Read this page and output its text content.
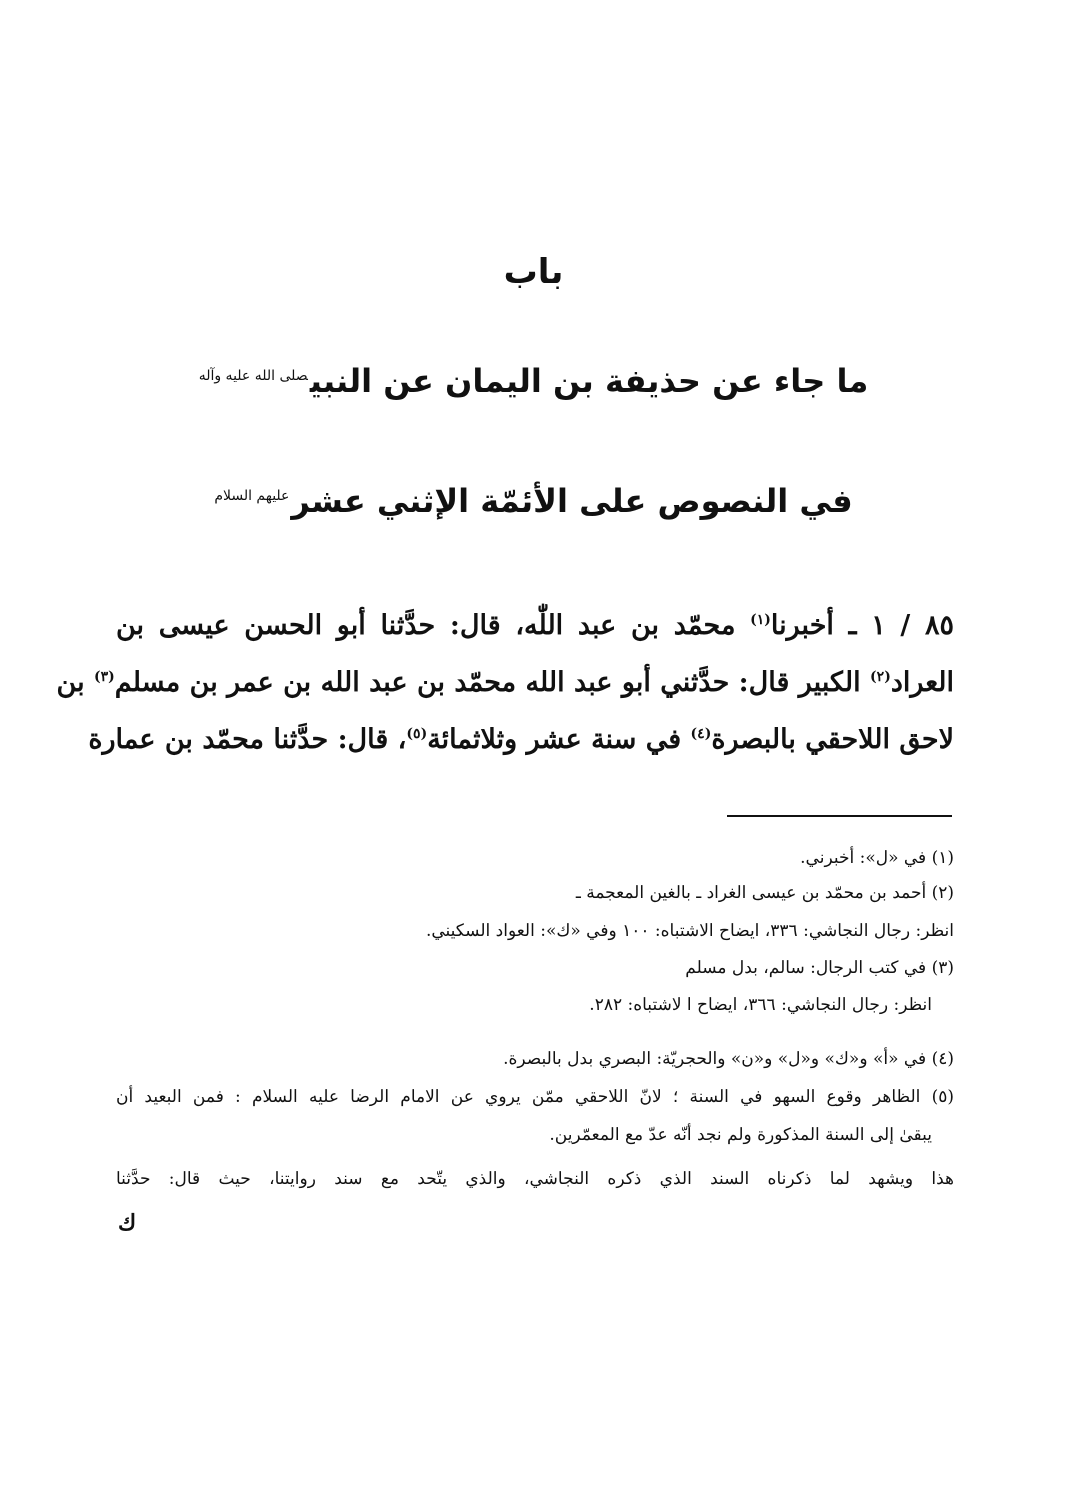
باب
ما جاء عن حذيفة بن اليمان عن النبي$^{صلى الله عليه وآله}$
في النصوص على الأئمّة الإثني عشر$^{عليهم السلام}$
٨٥ / ١ ـ أخبرنا$^{(١)}$ محمّد بن عبد اللّٰه، قال: حدَّثنا أبو الحسن عيسى بن
العراد$^{(٢)}$ الكبير قال: حدَّثني أبو عبد الله محمّد بن عبد الله بن عمر بن مسلم$^{(٣)}$ بن
لاحق اللاحقي بالبصرة$^{(٤)}$ في سنة عشر وثلاثمائة$^{(٥)}$، قال: حدَّثنا محمّد بن عمارة
(١) في «ل»: أخبرني.
(٢) أحمد بن محمّد بن عيسى الغراد ـ بالغين المعجمة ـ
انظر: رجال النجاشي: ٣٣٦، ايضاح الاشتباه: ١٠٠ وفي «ك»: العواد السكيني.
(٣) في كتب الرجال: سالم، بدل مسلم
انظر: رجال النجاشي: ٣٦٦، ايضاح ا لاشتباه: ٢٨٢.
(٤) في «أ» و«ك» و«ل» و«ن» والحجريّة: البصري بدل بالبصرة.
(٥) الظاهر وقوع السهو في السنة ؛ لانّ اللاحقي ممّن يروي عن الامام الرضا عليه السلام : فمن البعيد أن
يبقىٰ إلى السنة المذكورة ولم نجد أنّه عدّ مع المعمّرين.
هذا ويشهد لما ذكرناه السند الذي ذكره النجاشي، والذي يتّحد مع سند روايتنا، حيث قال: حدَّثنا
ك
